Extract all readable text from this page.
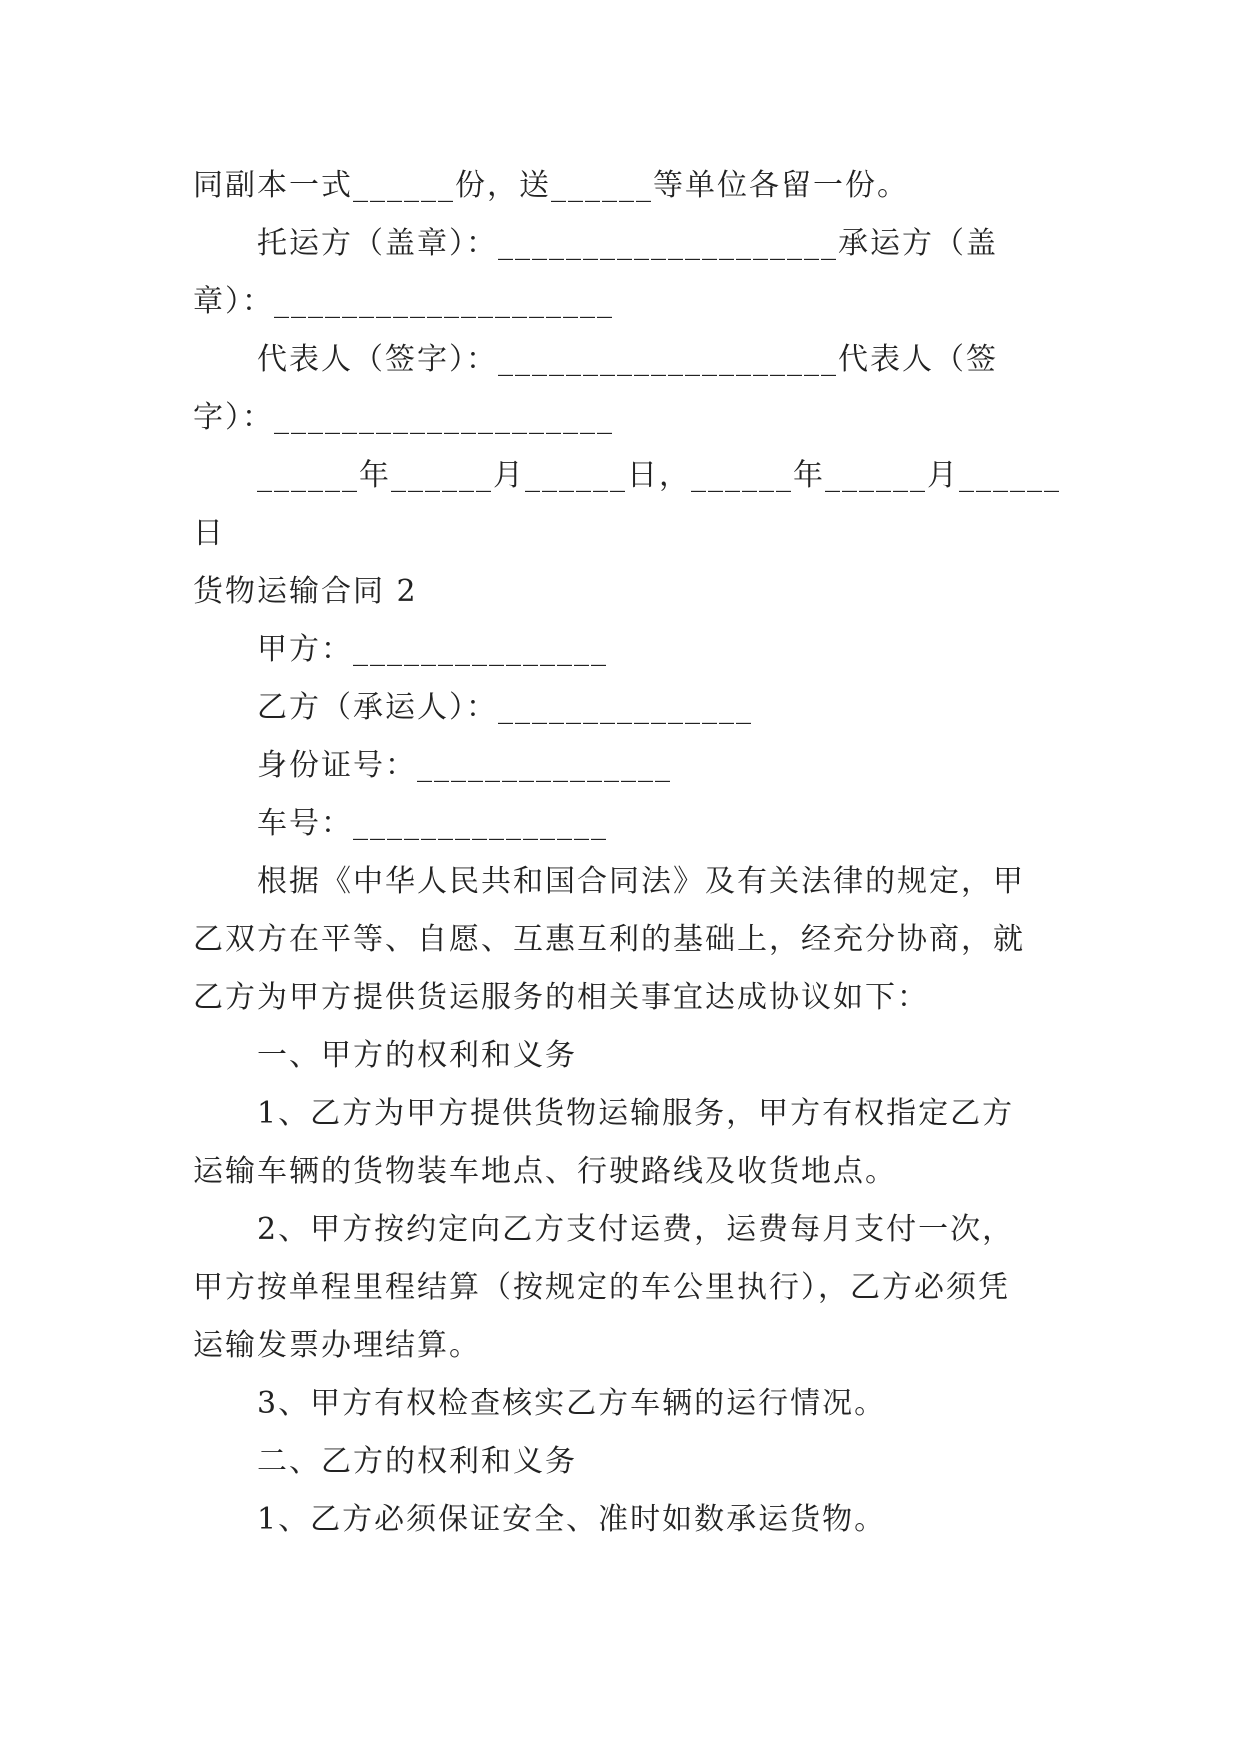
同副本一式______份，送______等单位各留一份。
托运方（盖章）：____________________承运方（盖
章）：____________________
代表人（签字）：____________________代表人（签
字）：____________________
______年______月______日，______年______月______
日
货物运输合同 2
甲方：_______________
乙方（承运人）：_______________
身份证号：_______________
车号：_______________
根据《中华人民共和国合同法》及有关法律的规定，甲
乙双方在平等、自愿、互惠互利的基础上，经充分协商，就
乙方为甲方提供货运服务的相关事宜达成协议如下：
一、甲方的权利和义务
1、乙方为甲方提供货物运输服务，甲方有权指定乙方
运输车辆的货物装车地点、行驶路线及收货地点。
2、甲方按约定向乙方支付运费，运费每月支付一次，
甲方按单程里程结算（按规定的车公里执行），乙方必须凭
运输发票办理结算。
3、甲方有权检查核实乙方车辆的运行情况。
二、乙方的权利和义务
1、乙方必须保证安全、准时如数承运货物。
